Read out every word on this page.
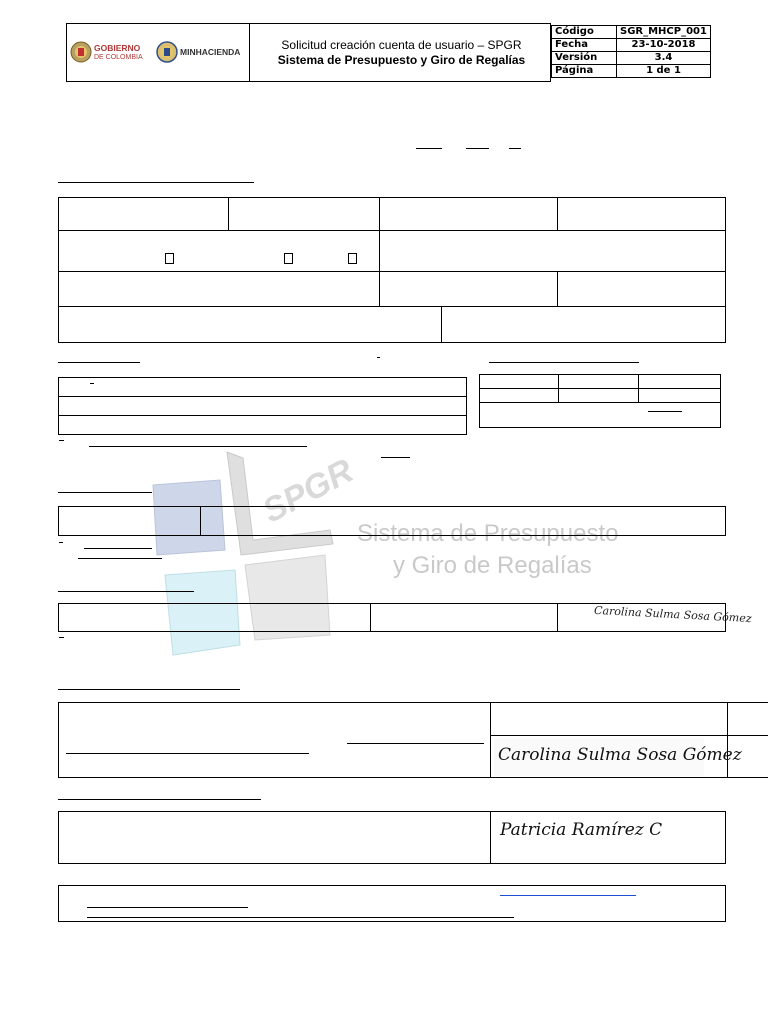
GOBIERNO
DE COLOMBIA
MINHACIENDA	Solicitud creación cuenta de usuario – SPGR
Sistema de Presupuesto y Giro de Regalías
Código	SGR_MHCP_001
Fecha	23-10-2018
Versión	3.4
Página	1 de 1
SPGR
Sistema de Presupuesto
y Giro de Regalías
Carolina Sulma Sosa Gómez
Carolina Sulma Sosa Gómez
Patricia Ramírez C
